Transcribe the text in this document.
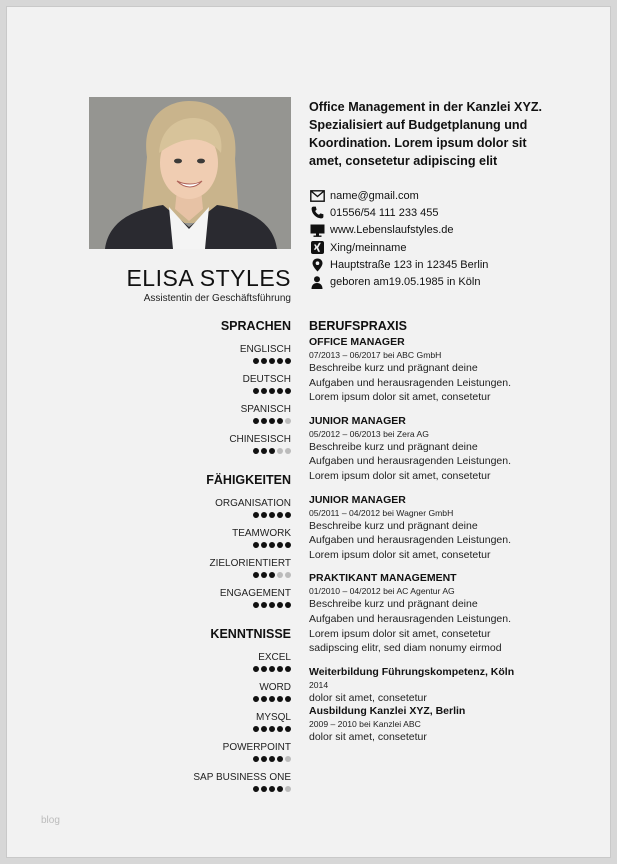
ELISA STYLES
Assistentin der Geschäftsführung
Office Management in der Kanzlei XYZ. Spezialisiert auf Budgetplanung und Koordination. Lorem ipsum dolor sit amet, consetetur adipiscing elit
name@gmail.com
01556/54 111 233 455
www.Lebenslaufstyles.de
Xing/meinname
Hauptstraße 123 in 12345 Berlin
geboren am19.05.1985 in Köln
SPRACHEN
ENGLISCH
DEUTSCH
SPANISCH
CHINESISCH
FÄHIGKEITEN
ORGANISATION
TEAMWORK
ZIELORIENTIERT
ENGAGEMENT
KENNTNISSE
EXCEL
WORD
MYSQL
POWERPOINT
SAP BUSINESS ONE
BERUFSPRAXIS
OFFICE MANAGER
07/2013 – 06/2017 bei ABC GmbH
Beschreibe kurz und prägnant deine
Aufgaben und herausragenden Leistungen.
Lorem ipsum dolor sit amet, consetetur
JUNIOR MANAGER
05/2012 – 06/2013 bei Zera AG
Beschreibe kurz und prägnant deine
Aufgaben und herausragenden Leistungen.
Lorem ipsum dolor sit amet, consetetur
JUNIOR MANAGER
05/2011 – 04/2012 bei Wagner GmbH
Beschreibe kurz und prägnant deine
Aufgaben und herausragenden Leistungen.
Lorem ipsum dolor sit amet, consetetur
PRAKTIKANT MANAGEMENT
01/2010 – 04/2012 bei AC Agentur AG
Beschreibe kurz und prägnant deine
Aufgaben und herausragenden Leistungen.
Lorem ipsum dolor sit amet, consetetur
sadipscing elitr, sed diam nonumy eirmod
Weiterbildung Führungskompetenz, Köln
2014
dolor sit amet, consetetur
Ausbildung Kanzlei XYZ, Berlin
2009 – 2010 bei Kanzlei ABC
dolor sit amet, consetetur
blog
